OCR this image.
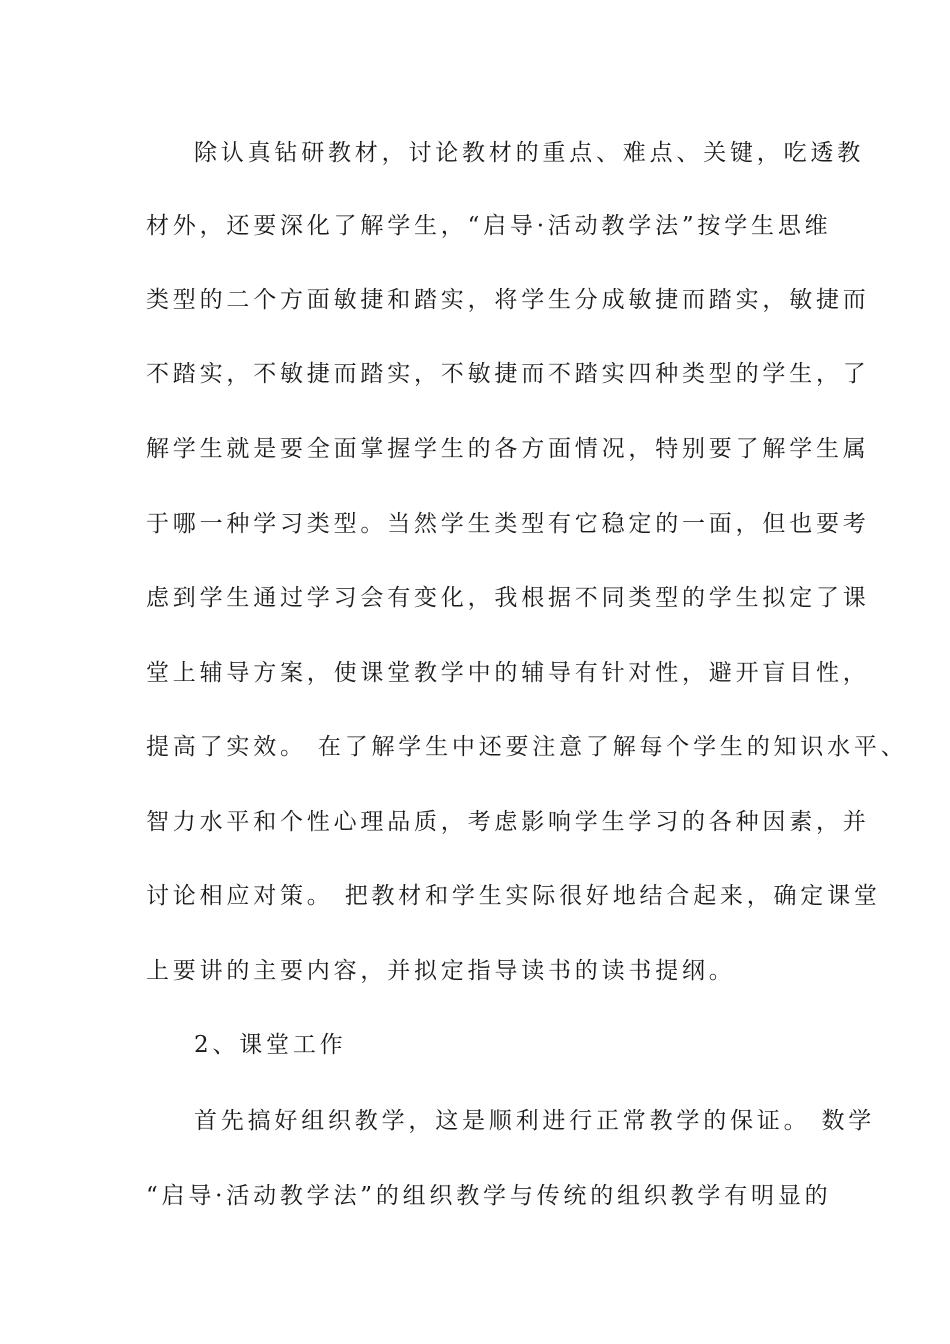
除认真钻研教材，讨论教材的重点、难点、关键，吃透教
材外，还要深化了解学生，“启导·活动教学法”按学生思维
类型的二个方面敏捷和踏实，将学生分成敏捷而踏实，敏捷而
不踏实，不敏捷而踏实，不敏捷而不踏实四种类型的学生，了
解学生就是要全面掌握学生的各方面情况，特别要了解学生属
于哪一种学习类型。当然学生类型有它稳定的一面，但也要考
虑到学生通过学习会有变化，我根据不同类型的学生拟定了课
堂上辅导方案，使课堂教学中的辅导有针对性，避开盲目性，
提高了实效。 在了解学生中还要注意了解每个学生的知识水平、
智力水平和个性心理品质，考虑影响学生学习的各种因素，并
讨论相应对策。 把教材和学生实际很好地结合起来，确定课堂
上要讲的主要内容，并拟定指导读书的读书提纲。
2、课堂工作
首先搞好组织教学，这是顺利进行正常教学的保证。 数学
“启导·活动教学法”的组织教学与传统的组织教学有明显的
